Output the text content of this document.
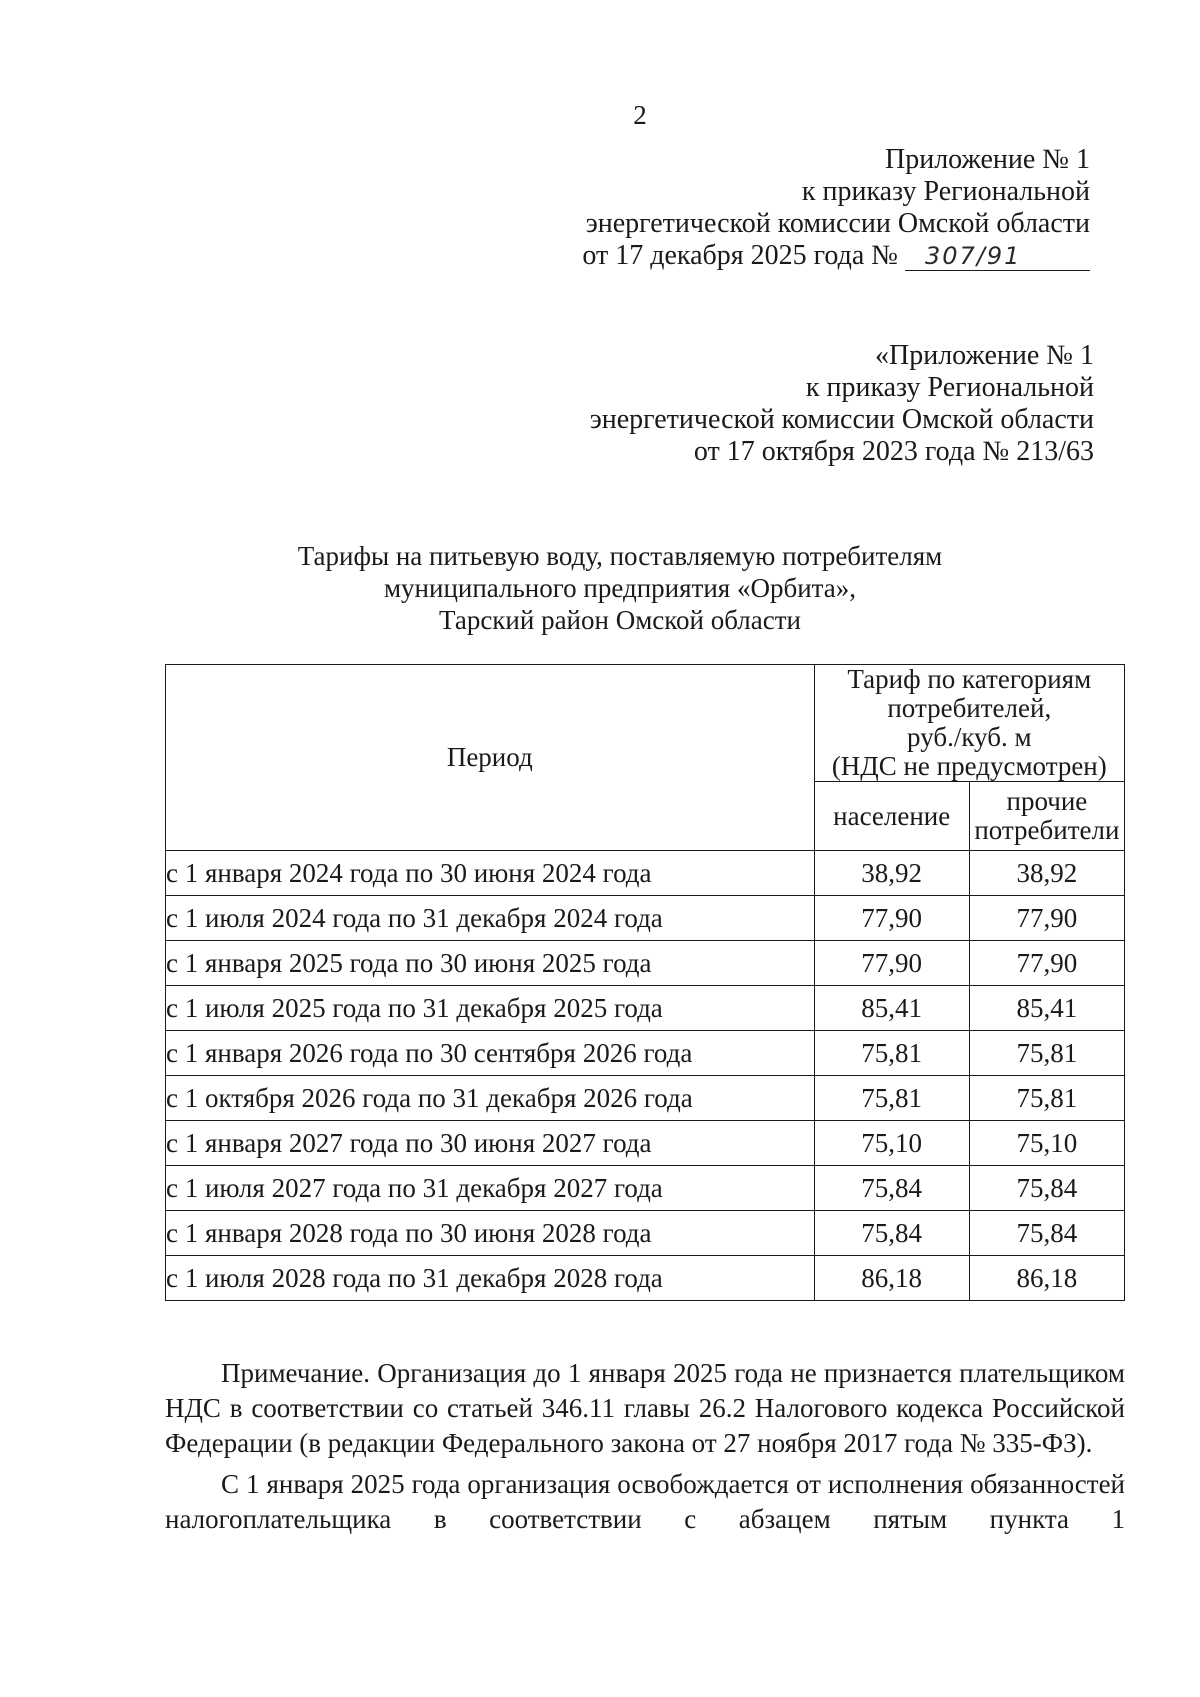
2
Приложение № 1
к приказу Региональной
энергетической комиссии Омской области
от 17 декабря 2025 года № 307/91
«Приложение № 1
к приказу Региональной
энергетической комиссии Омской области
от 17 октября 2023 года № 213/63
Тарифы на питьевую воду, поставляемую потребителям
муниципального предприятия «Орбита»,
Тарский район Омской области
Период	Тариф по категориям
потребителей,
руб./куб. м
(НДС не предусмотрен)	

	население	прочие потребители
с 1 января 2024 года по 30 июня 2024 года	38,92	38,92
с 1 июля 2024 года по 31 декабря 2024 года	77,90	77,90
с 1 января 2025 года по 30 июня 2025 года	77,90	77,90
с 1 июля 2025 года по 31 декабря 2025 года	85,41	85,41
с 1 января 2026 года по 30 сентября 2026 года	75,81	75,81
с 1 октября 2026 года по 31 декабря 2026 года	75,81	75,81
с 1 января 2027 года по 30 июня 2027 года	75,10	75,10
с 1 июля 2027 года по 31 декабря 2027 года	75,84	75,84
с 1 января 2028 года по 30 июня 2028 года	75,84	75,84
с 1 июля 2028 года по 31 декабря 2028 года	86,18	86,18

Примечание. Организация до 1 января 2025 года не признается плательщиком НДС в соответствии со статьей 346.11 главы 26.2 Налогового кодекса Российской Федерации (в редакции Федерального закона от 27 ноября 2017 года № 335-ФЗ).

С 1 января 2025 года организация освобождается от исполнения обязанностей налогоплательщика в соответствии с абзацем пятым пункта 1
